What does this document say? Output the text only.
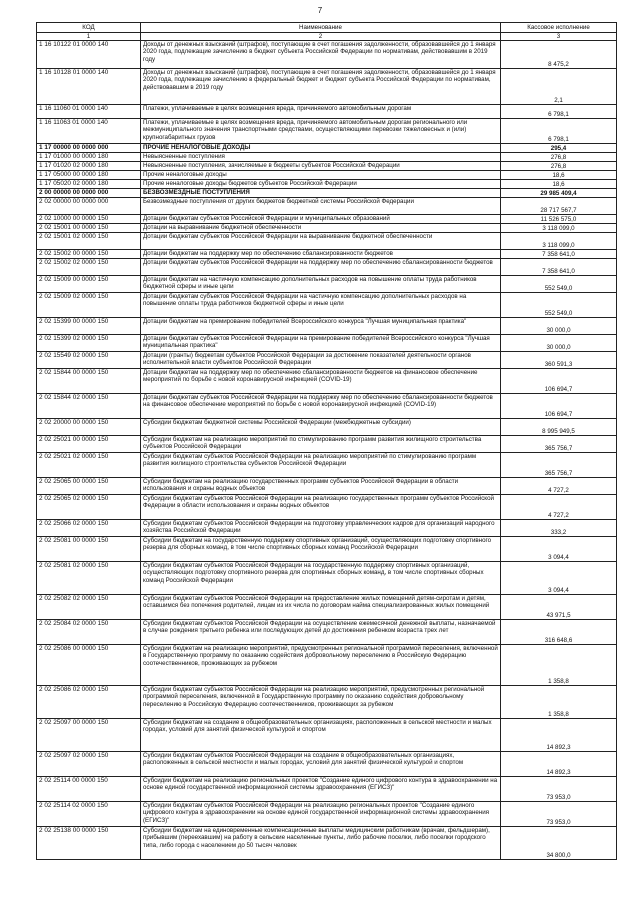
7
КОД	Наименование	Кассовое исполнение
1	2	3
1 16 10122 01 0000 140	Доходы от денежных взысканий (штрафов), поступающие в счет погашения задолженности, образовавшейся до 1 января 2020 года, подлежащие зачислению в бюджет субъекта Российской Федерации по нормативам, действовавшим в 2019 году	8 475,2
1 16 10128 01 0000 140	Доходы от денежных взысканий (штрафов), поступающие в счет погашения задолженности, образовавшейся до 1 января 2020 года, подлежащие зачислению в федеральный бюджет и бюджет субъекта Российской Федерации по нормативам, действовавшим в 2019 году	2,1
1 16 11060 01 0000 140	Платежи, уплачиваемые в целях возмещения вреда, причиняемого автомобильным дорогам	6 798,1
1 16 11063 01 0000 140	Платежи, уплачиваемые в целях возмещения вреда, причиняемого автомобильным дорогам регионального или межмуниципального значения транспортными средствами, осуществляющими перевозки тяжеловесных и (или) крупногабаритных грузов	6 798,1
1 17 00000 00 0000 000	ПРОЧИЕ НЕНАЛОГОВЫЕ ДОХОДЫ	295,4
1 17 01000 00 0000 180	Невыясненные поступления	276,8
1 17 01020 02 0000 180	Невыясненные поступления, зачисляемые в бюджеты субъектов Российской Федерации	276,8
1 17 05000 00 0000 180	Прочие неналоговые доходы	18,6
1 17 05020 02 0000 180	Прочие неналоговые доходы бюджетов субъектов Российской Федерации	18,6
2 00 00000 00 0000 000	БЕЗВОЗМЕЗДНЫЕ ПОСТУПЛЕНИЯ	29 985 409,4
2 02 00000 00 0000 000	Безвозмездные поступления от других бюджетов бюджетной системы Российской Федерации	28 717 567,7
2 02 10000 00 0000 150	Дотации бюджетам субъектов Российской Федерации и муниципальных образований	11 526 575,0
2 02 15001 00 0000 150	Дотации на выравнивание бюджетной обеспеченности	3 118 099,0
2 02 15001 02 0000 150	Дотации бюджетам субъектов Российской Федерации на выравнивание бюджетной обеспеченности	3 118 099,0
2 02 15002 00 0000 150	Дотации бюджетам на поддержку мер по обеспечению сбалансированности бюджетов	7 358 641,0
2 02 15002 02 0000 150	Дотации бюджетам субъектов Российской Федерации на поддержку мер по обеспечению сбалансированности бюджетов	7 358 641,0
2 02 15009 00 0000 150	Дотации бюджетам на частичную компенсацию дополнительных расходов на повышение оплаты труда работников бюджетной сферы и иные цели	552 549,0
2 02 15009 02 0000 150	Дотации бюджетам субъектов Российской Федерации на частичную компенсацию дополнительных расходов на повышение оплаты труда работников бюджетной сферы и иные цели	552 549,0
2 02 15399 00 0000 150	Дотации бюджетам на премирование победителей Всероссийского конкурса "Лучшая муниципальная практика"	30 000,0
2 02 15399 02 0000 150	Дотации бюджетам субъектов Российской Федерации на премирование победителей Всероссийского конкурса "Лучшая муниципальная практика"	30 000,0
2 02 15549 02 0000 150	Дотации (гранты) бюджетам субъектов Российской Федерации за достижение показателей деятельности органов исполнительной власти субъектов Российской Федерации	360 591,3
2 02 15844 00 0000 150	Дотации бюджетам на поддержку мер по обеспечению сбалансированности бюджетов на финансовое обеспечение мероприятий по борьбе с новой коронавирусной инфекцией (COVID-19)	106 694,7
2 02 15844 02 0000 150	Дотации бюджетам субъектов Российской Федерации на поддержку мер по обеспечению сбалансированности бюджетов на финансовое обеспечение мероприятий по борьбе с новой коронавирусной инфекцией (COVID-19)	106 694,7
2 02 20000 00 0000 150	Субсидии бюджетам бюджетной системы Российской Федерации (межбюджетные субсидии)	8 995 949,5
2 02 25021 00 0000 150	Субсидии бюджетам на реализацию мероприятий по стимулированию программ развития жилищного строительства субъектов Российской Федерации	365 756,7
2 02 25021 02 0000 150	Субсидии бюджетам субъектов Российской Федерации на реализацию мероприятий по стимулированию программ развития жилищного строительства субъектов Российской Федерации	365 756,7
2 02 25065 00 0000 150	Субсидии бюджетам на реализацию государственных программ субъектов Российской Федерации в области использования и охраны водных объектов	4 727,2
2 02 25065 02 0000 150	Субсидии бюджетам субъектов Российской Федерации на реализацию государственных программ субъектов Российской Федерации в области использования и охраны водных объектов	4 727,2
2 02 25066 02 0000 150	Субсидии бюджетам субъектов Российской Федерации на подготовку управленческих кадров для организаций народного хозяйства Российской Федерации	333,2
2 02 25081 00 0000 150	Субсидии бюджетам на государственную поддержку спортивных организаций, осуществляющих подготовку спортивного резерва для сборных команд, в том числе спортивных сборных команд Российской Федерации	3 094,4
2 02 25081 02 0000 150	Субсидии бюджетам субъектов Российской Федерации на государственную поддержку спортивных организаций, осуществляющих подготовку спортивного резерва для спортивных сборных команд, в том числе спортивных сборных команд Российской Федерации	3 094,4
2 02 25082 02 0000 150	Субсидии бюджетам субъектов Российской Федерации на предоставление жилых помещений детям-сиротам и детям, оставшимся без попечения родителей, лицам из их числа по договорам найма специализированных жилых помещений	43 971,5
2 02 25084 02 0000 150	Субсидии бюджетам субъектов Российской Федерации на осуществление ежемесячной денежной выплаты, назначаемой в случае рождения третьего ребенка или последующих детей до достижения ребенком возраста трех лет	316 648,6
2 02 25086 00 0000 150	Субсидии бюджетам на реализацию мероприятий, предусмотренных региональной программой переселения, включенной в Государственную программу по оказанию содействия добровольному переселению в Российскую Федерацию соотечественников, проживающих за рубежом	1 358,8
2 02 25086 02 0000 150	Субсидии бюджетам субъектов Российской Федерации на реализацию мероприятий, предусмотренных региональной программой переселения, включенной в Государственную программу по оказанию содействия добровольному переселению в Российскую Федерацию соотечественников, проживающих за рубежом	1 358,8
2 02 25097 00 0000 150	Субсидии бюджетам на создание в общеобразовательных организациях, расположенных в сельской местности и малых городах, условий для занятий физической культурой и спортом	14 892,3
2 02 25097 02 0000 150	Субсидии бюджетам субъектов Российской Федерации на создание в общеобразовательных организациях, расположенных в сельской местности и малых городах, условий для занятий физической культурой и спортом	14 892,3
2 02 25114 00 0000 150	Субсидии бюджетам на реализацию региональных проектов "Создание единого цифрового контура в здравоохранении на основе единой государственной информационной системы здравоохранения (ЕГИСЗ)"	73 953,0
2 02 25114 02 0000 150	Субсидии бюджетам субъектов Российской Федерации на реализацию региональных проектов "Создание единого цифрового контура в здравоохранении на основе единой государственной информационной системы здравоохранения (ЕГИСЗ)"	73 953,0
2 02 25138 00 0000 150	Субсидии бюджетам на единовременные компенсационные выплаты медицинским работникам (врачам, фельдшерам), прибывшим (переехавшим) на работу в сельские населенные пункты, либо рабочие поселки, либо поселки городского типа, либо города с населением до 50 тысяч человек	34 800,0
